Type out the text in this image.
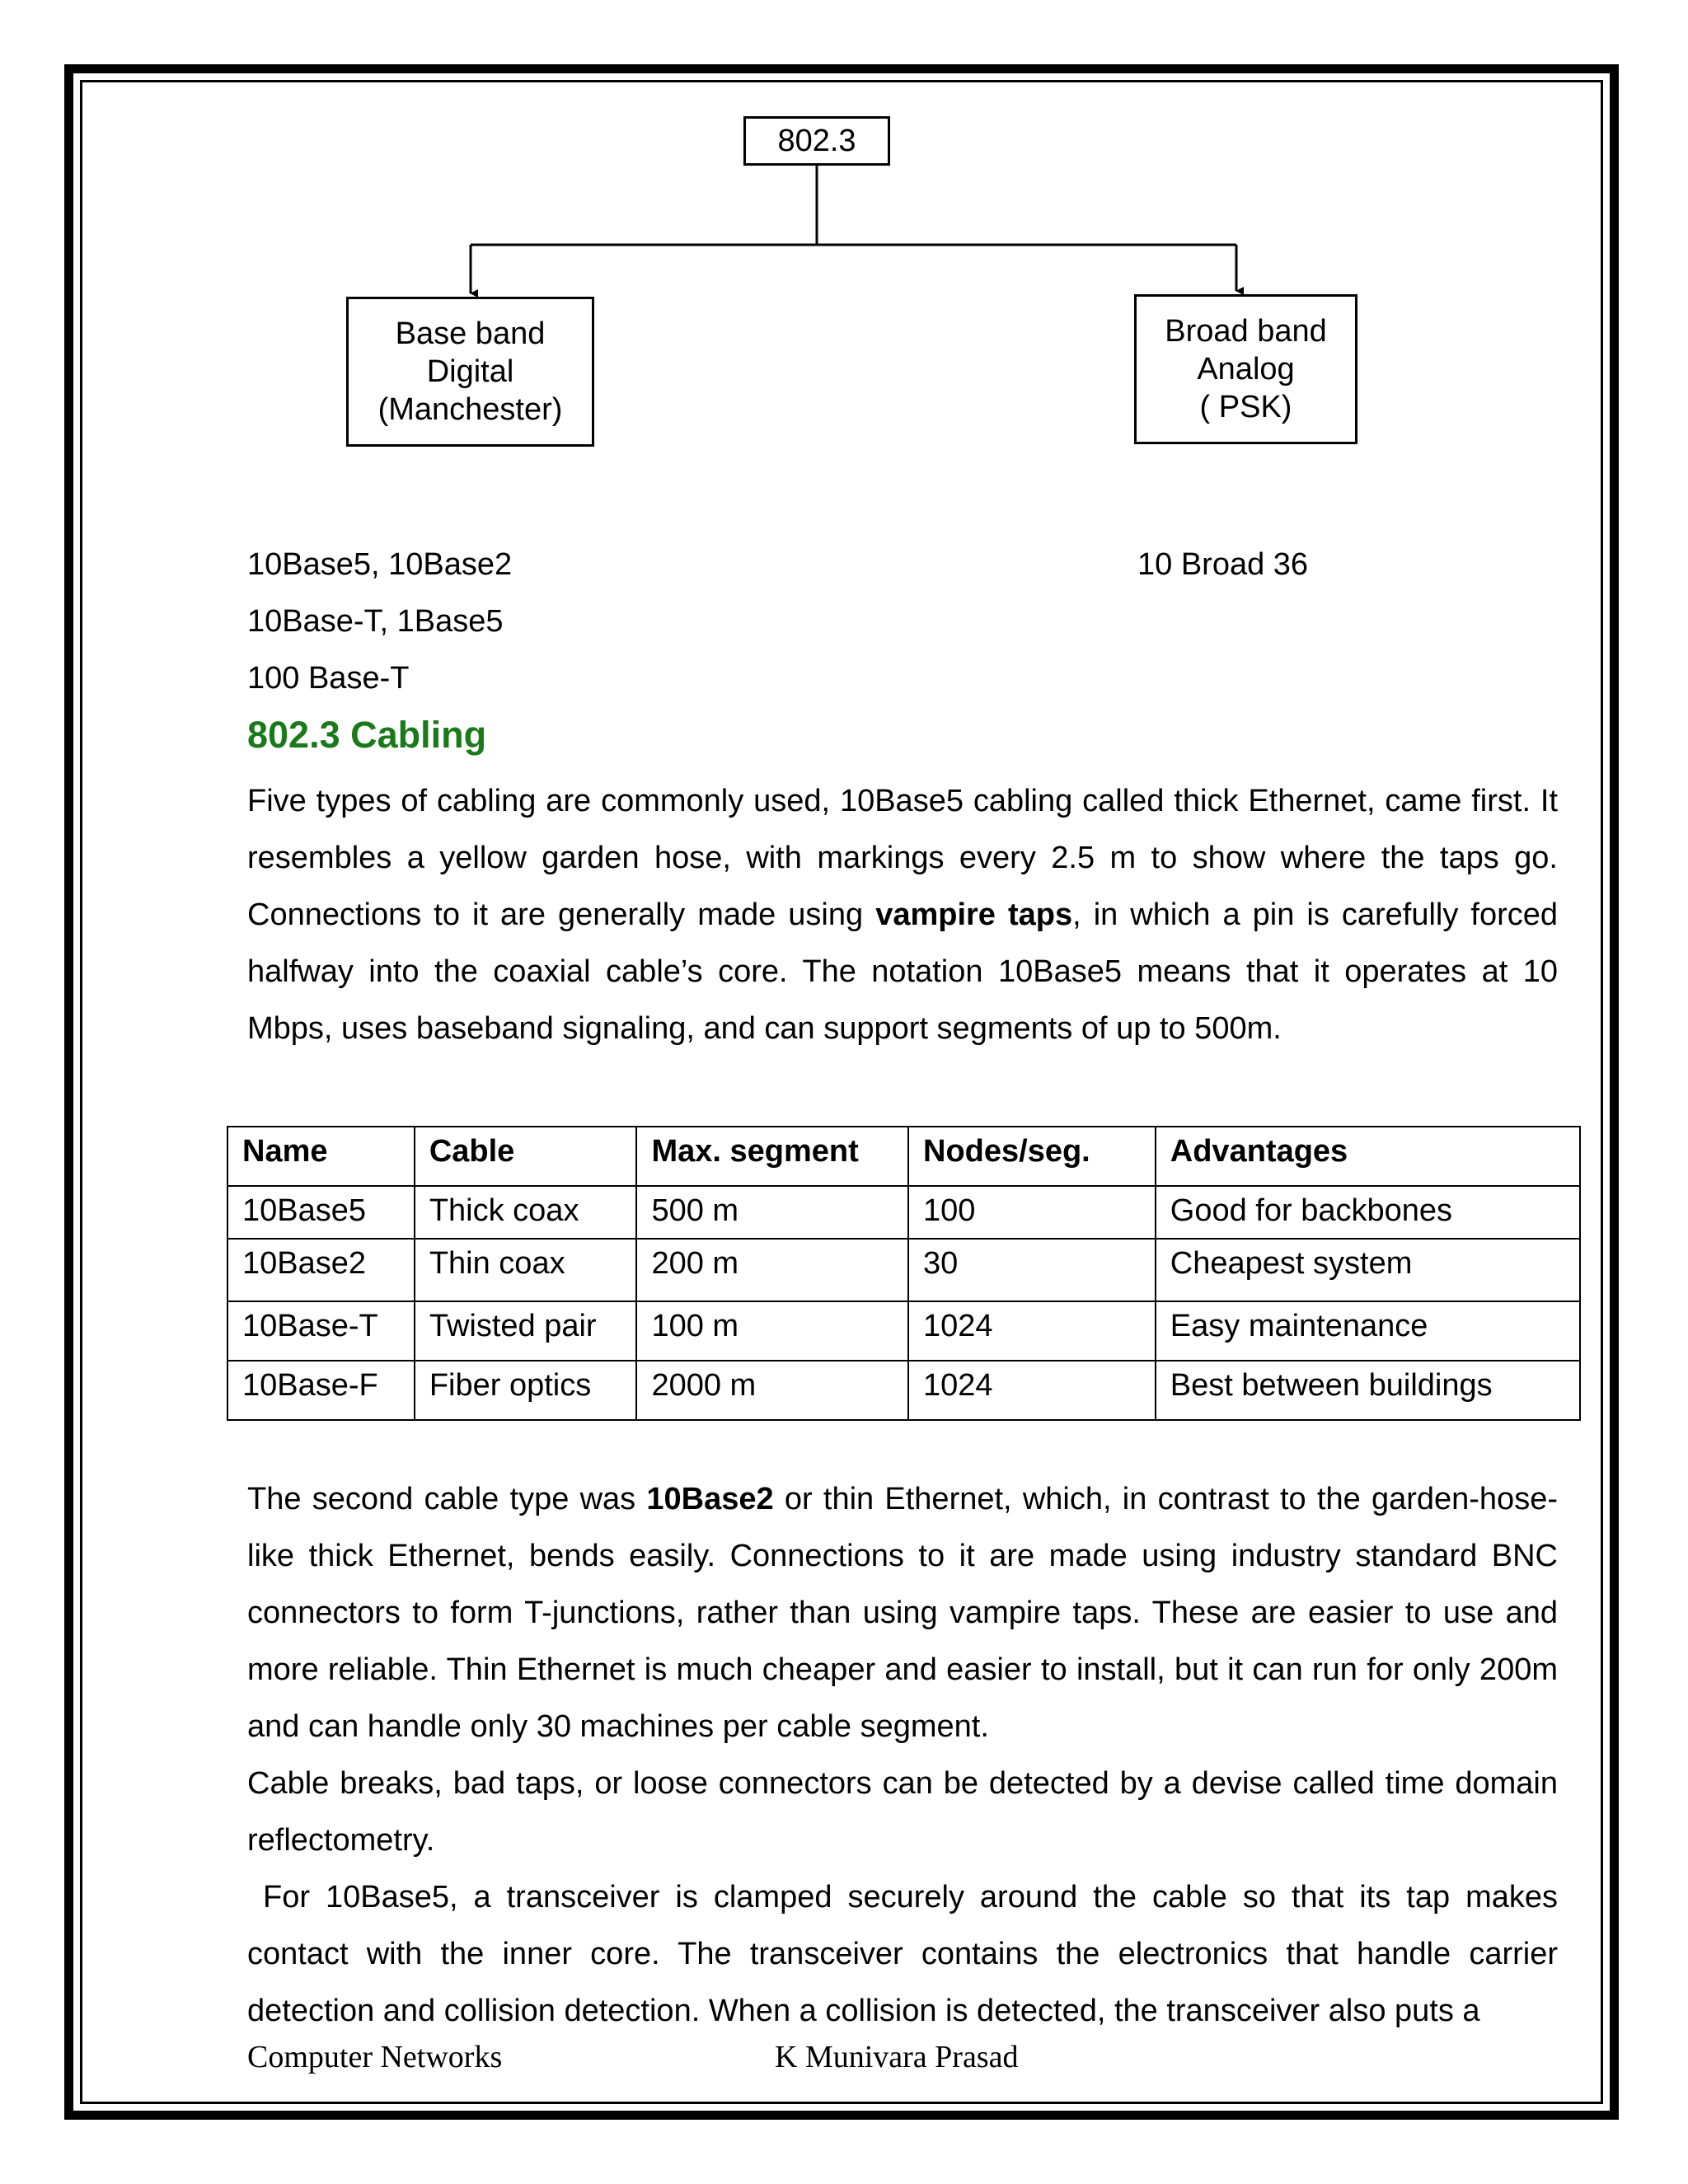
802.3
Base band
Digital
(Manchester)
Broad band
Analog
( PSK)
10Base5, 10Base2
10Base-T, 1Base5
100 Base-T
10 Broad 36
802.3 Cabling
Five types of cabling are commonly used, 10Base5 cabling called thick Ethernet, came first. It resembles a yellow garden hose, with markings every 2.5 m to show where the taps go. Connections to it are generally made using vampire taps, in which a pin is carefully forced halfway into the coaxial cable’s core. The notation 10Base5 means that it operates at 10 Mbps, uses baseband signaling, and can support segments of up to 500m.
Name	Cable	Max. segment	Nodes/seg.	Advantages
10Base5	Thick coax	500 m	100	Good for backbones
10Base2	Thin coax	200 m	30	Cheapest system
10Base-T	Twisted pair	100 m	1024	Easy maintenance
10Base-F	Fiber optics	2000 m	1024	Best between buildings
The second cable type was 10Base2 or thin Ethernet, which, in contrast to the garden-hose-like thick Ethernet, bends easily. Connections to it are made using industry standard BNC connectors to form T-junctions, rather than using vampire taps. These are easier to use and more reliable. Thin Ethernet is much cheaper and easier to install, but it can run for only 200m and can handle only 30 machines per cable segment.
Cable breaks, bad taps, or loose connectors can be detected by a devise called time domain reflectometry.
For 10Base5, a transceiver is clamped securely around the cable so that its tap makes contact with the inner core. The transceiver contains the electronics that handle carrier detection and collision detection. When a collision is detected, the transceiver also puts a
Computer Networks	K Munivara Prasad
